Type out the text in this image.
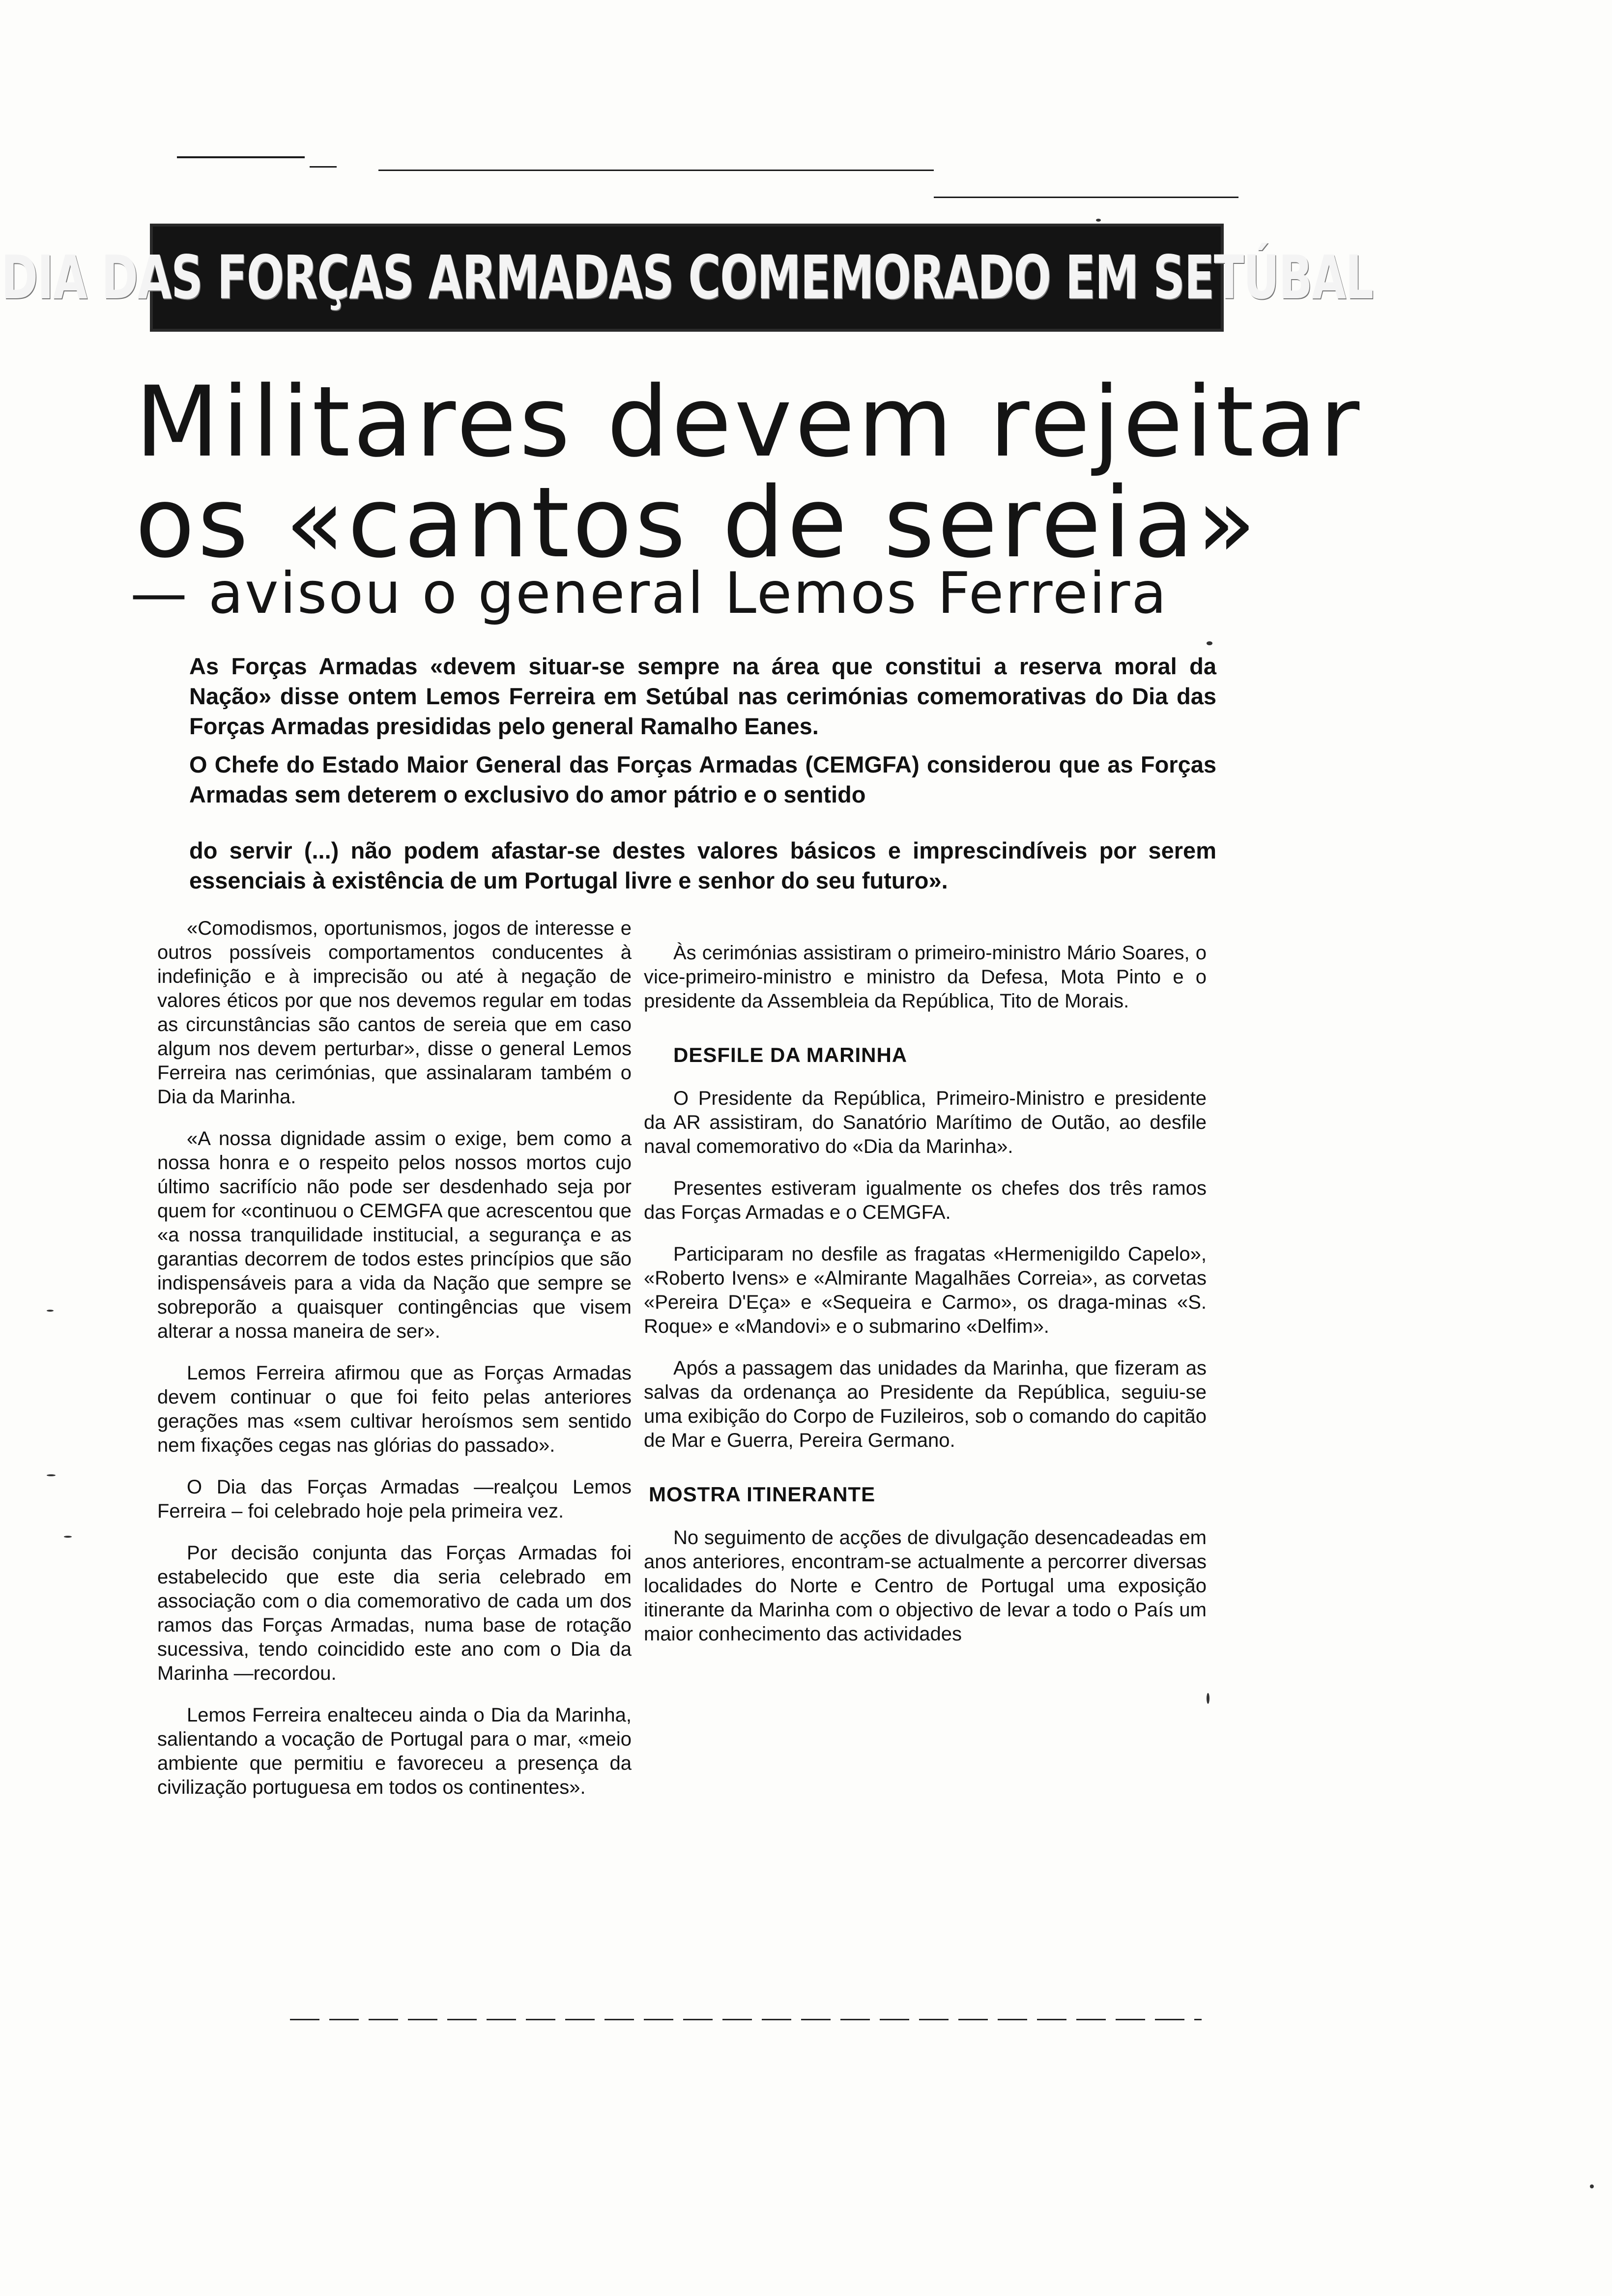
DIA DAS FORÇAS ARMADAS COMEMORADO EM SETÚBAL
Militares devem rejeitar
os «cantos de sereia»
— avisou o general Lemos Ferreira

As Forças Armadas «devem situar-se sempre na área que constitui a reserva moral da Nação» disse ontem Lemos Ferreira em Setúbal nas cerimónias comemorativas do Dia das Forças Armadas presididas pelo general Ramalho Eanes.

O Chefe do Estado Maior General das Forças Armadas (CEMGFA) considerou que as Forças Armadas sem deterem o exclusivo do amor pátrio e o sentido

do servir (...) não podem afastar-se destes valores básicos e imprescindíveis por serem essenciais à existência de um Portugal livre e senhor do seu futuro».

«Comodismos, oportunismos, jogos de interesse e outros possíveis comportamentos conducentes à indefinição e à imprecisão ou até à negação de valores éticos por que nos devemos regular em todas as circunstâncias são cantos de sereia que em caso algum nos devem perturbar», disse o general Lemos Ferreira nas cerimónias, que assinalaram também o Dia da Marinha.

«A nossa dignidade assim o exige, bem como a nossa honra e o respeito pelos nossos mortos cujo último sacrifício não pode ser desdenhado seja por quem for «continuou o CEMGFA que acrescentou que «a nossa tranquilidade institucial, a segurança e as garantias decorrem de todos estes princípios que são indispensáveis para a vida da Nação que sempre se sobreporão a quaisquer contingências que visem alterar a nossa maneira de ser».

Lemos Ferreira afirmou que as Forças Armadas devem continuar o que foi feito pelas anteriores gerações mas «sem cultivar heroísmos sem sentido nem fixações cegas nas glórias do passado».

O Dia das Forças Armadas —realçou Lemos Ferreira – foi celebrado hoje pela primeira vez.

Por decisão conjunta das Forças Armadas foi estabelecido que este dia seria celebrado em associação com o dia comemorativo de cada um dos ramos das Forças Armadas, numa base de rotação sucessiva, tendo coincidido este ano com o Dia da Marinha —recordou.

Lemos Ferreira enalteceu ainda o Dia da Marinha, salientando a vocação de Portugal para o mar, «meio ambiente que permitiu e favoreceu a presença da civilização portuguesa em todos os continentes».

Às cerimónias assistiram o primeiro-ministro Mário Soares, o vice-primeiro-ministro e ministro da Defesa, Mota Pinto e o presidente da Assembleia da República, Tito de Morais.

DESFILE DA MARINHA

O Presidente da República, Primeiro-Ministro e presidente da AR assistiram, do Sanatório Marítimo de Outão, ao desfile naval comemorativo do «Dia da Marinha».

Presentes estiveram igualmente os chefes dos três ramos das Forças Armadas e o CEMGFA.

Participaram no desfile as fragatas «Hermenigildo Capelo», «Roberto Ivens» e «Almirante Magalhães Correia», as corvetas «Pereira D'Eça» e «Sequeira e Carmo», os draga-minas «S. Roque» e «Mandovi» e o submarino «Delfim».

Após a passagem das unidades da Marinha, que fizeram as salvas da ordenança ao Presidente da República, seguiu-se uma exibição do Corpo de Fuzileiros, sob o comando do capitão de Mar e Guerra, Pereira Germano.

MOSTRA ITINERANTE

No seguimento de acções de divulgação desencadeadas em anos anteriores, encontram-se actualmente a percorrer diversas localidades do Norte e Centro de Portugal uma exposição itinerante da Marinha com o objectivo de levar a todo o País um maior conhecimento das actividades
